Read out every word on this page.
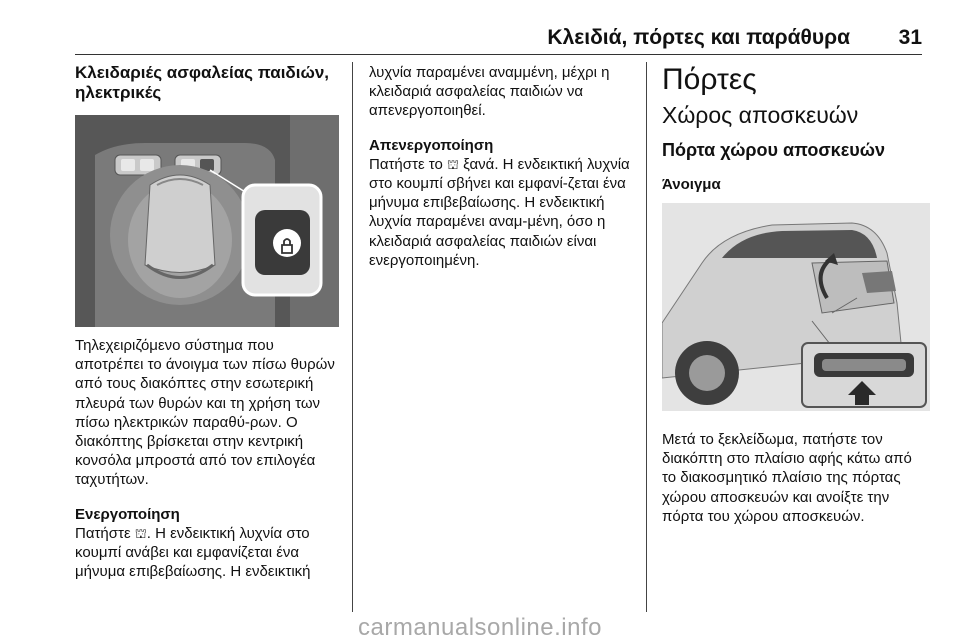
Κλειδιά, πόρτες και παράθυρα 31

Κλειδαριές ασφαλείας παιδιών, ηλεκτρικές

Τηλεχειριζόμενο σύστημα που αποτρέπει το άνοιγμα των πίσω θυρών από τους διακόπτες στην εσωτερική πλευρά των θυρών και τη χρήση των πίσω ηλεκτρικών παραθύ-ρων. Ο διακόπτης βρίσκεται στην κεντρική κονσόλα μπροστά από τον επιλογέα ταχυτήτων.

Ενεργοποίηση

Πατήστε ⛫. Η ενδεικτική λυχνία στο κουμπί ανάβει και εμφανίζεται ένα μήνυμα επιβεβαίωσης. Η ενδεικτική

λυχνία παραμένει αναμμένη, μέχρι η κλειδαριά ασφαλείας παιδιών να απενεργοποιηθεί.

Απενεργοποίηση

Πατήστε το ⛫ ξανά. Η ενδεικτική λυχνία στο κουμπί σβήνει και εμφανί-ζεται ένα μήνυμα επιβεβαίωσης. Η ενδεικτική λυχνία παραμένει αναμ-μένη, όσο η κλειδαριά ασφαλείας παιδιών είναι ενεργοποιημένη.

Πόρτες

Χώρος αποσκευών

Πόρτα χώρου αποσκευών

Άνοιγμα

Μετά το ξεκλείδωμα, πατήστε τον διακόπτη στο πλαίσιο αφής κάτω από το διακοσμητικό πλαίσιο της πόρτας χώρου αποσκευών και ανοίξτε την πόρτα του χώρου αποσκευών.

carmanualsonline.info
